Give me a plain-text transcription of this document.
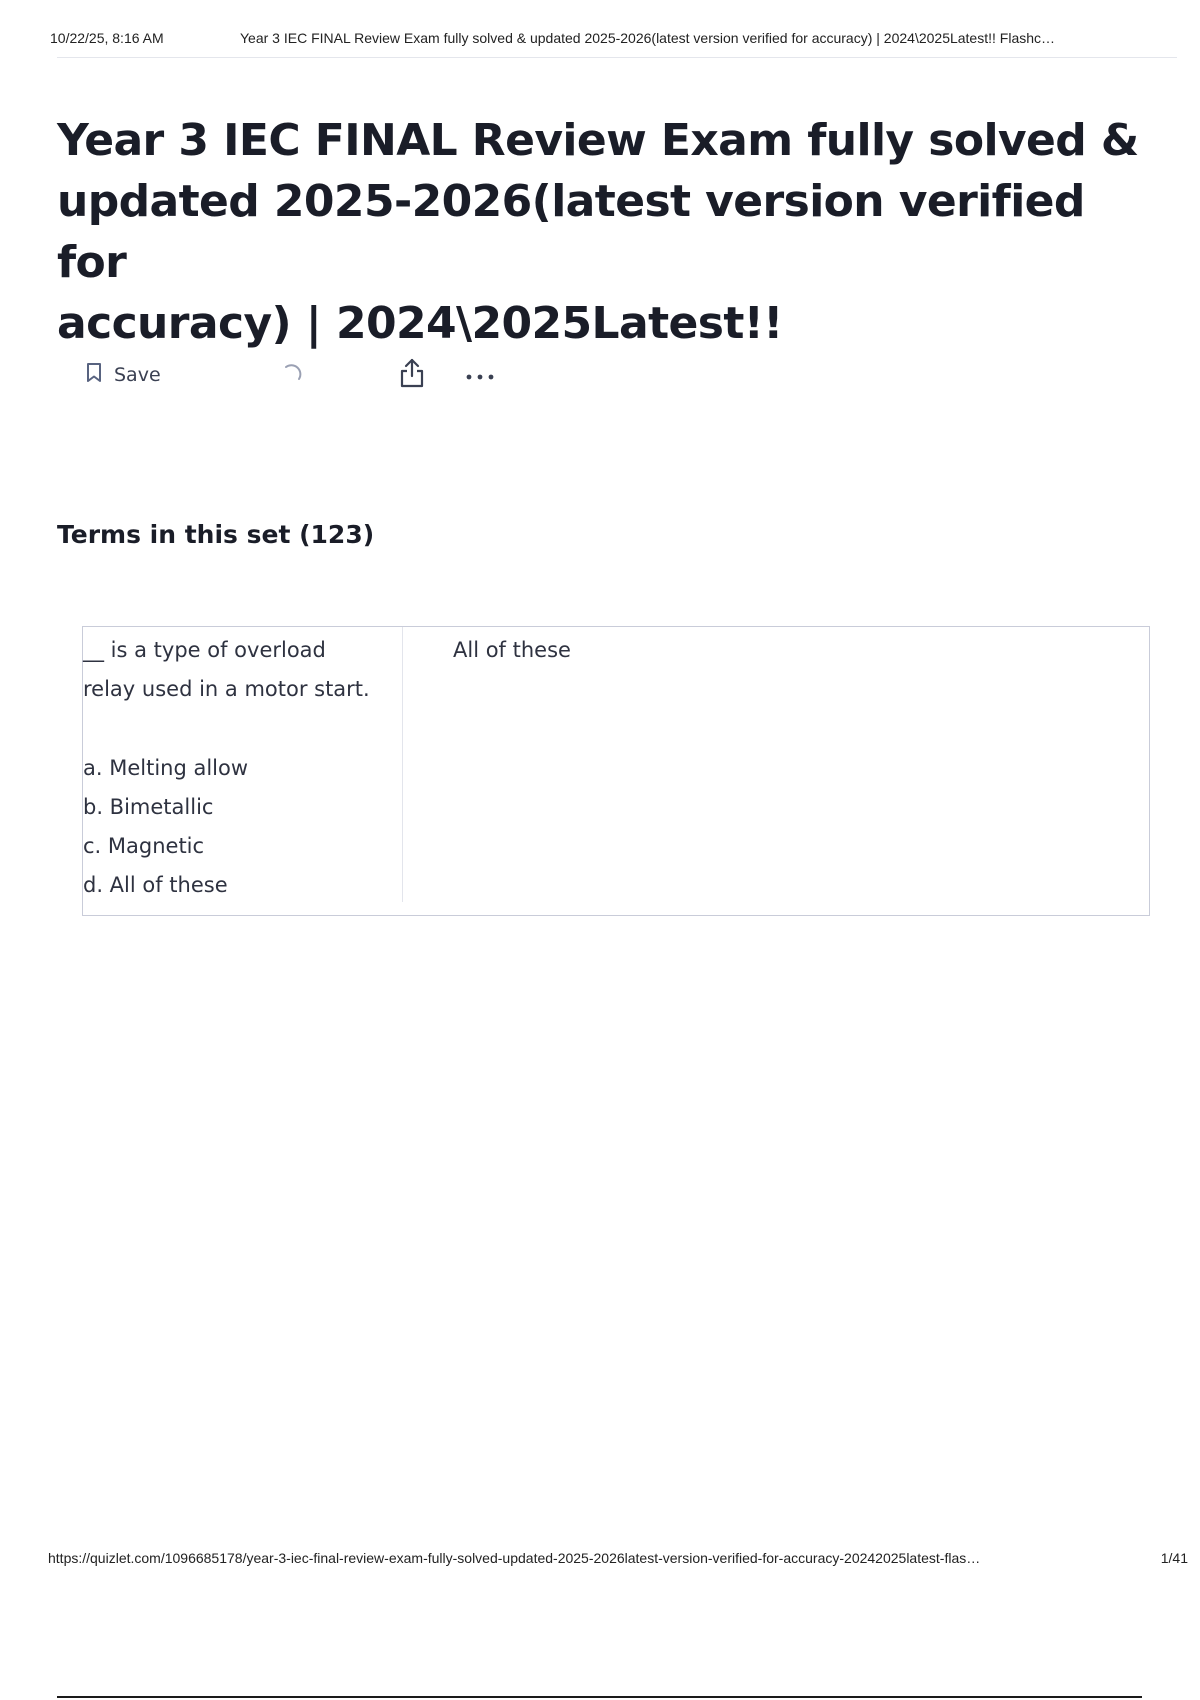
10/22/25, 8:16 AM	Year 3 IEC FINAL Review Exam fully solved & updated 2025-2026(latest version verified for accuracy) | 2024\2025Latest!! Flashc…
Year 3 IEC FINAL Review Exam fully solved &
updated 2025-2026(latest version verified for
accuracy) | 2024\2025Latest!!
Save
Terms in this set (123)
__ is a type of overload
relay used in a motor start.
a. Melting allow
b. Bimetallic
c. Magnetic
d. All of these
All of these
https://quizlet.com/1096685178/year-3-iec-final-review-exam-fully-solved-updated-2025-2026latest-version-verified-for-accuracy-20242025latest-flas…	1/41
